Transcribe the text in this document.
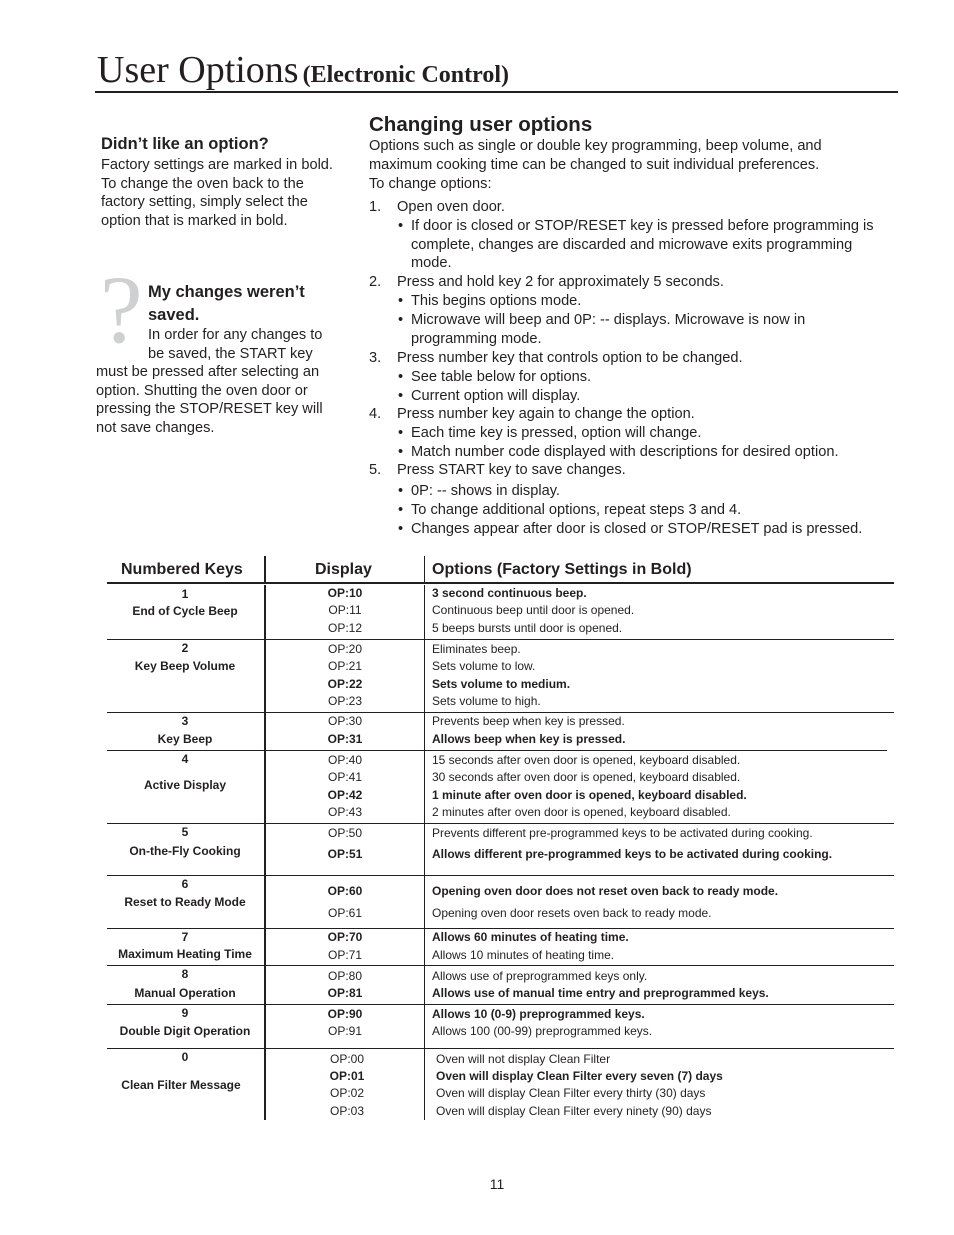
User Options (Electronic Control)
Didn’t like an option?
Factory settings are marked in bold.
To change the oven back to the
factory setting, simply select the
option that is marked in bold.
? My changes weren’t
saved.
In order for any changes to
be saved, the START key
must be pressed after selecting an
option. Shutting the oven door or
pressing the STOP/RESET key will
not save changes.
Changing user options
Options such as single or double key programming, beep volume, and
maximum cooking time can be changed to suit individual preferences.
To change options:
1. Open oven door.
• If door is closed or STOP/RESET key is pressed before programming is
complete, changes are discarded and microwave exits programming
mode.
2. Press and hold key 2 for approximately 5 seconds.
• This begins options mode.
• Microwave will beep and 0P: -- displays. Microwave is now in
programming mode.
3. Press number key that controls option to be changed.
• See table below for options.
• Current option will display.
4. Press number key again to change the option.
• Each time key is pressed, option will change.
• Match number code displayed with descriptions for desired option.
5. Press START key to save changes.
• 0P: -- shows in display.
• To change additional options, repeat steps 3 and 4.
• Changes appear after door is closed or STOP/RESET pad is pressed.
Numbered Keys	Display	Options (Factory Settings in Bold)
1
End of Cycle Beep
OP:10	3 second continuous beep.
OP:11	Continuous beep until door is opened.
OP:12	5 beeps bursts until door is opened.
2
Key Beep Volume
OP:20	Eliminates beep.
OP:21	Sets volume to low.
OP:22	Sets volume to medium.
OP:23	Sets volume to high.
3
Key Beep
OP:30	Prevents beep when key is pressed.
OP:31	Allows beep when key is pressed.
4
Active Display
OP:40	15 seconds after oven door is opened, keyboard disabled.
OP:41	30 seconds after oven door is opened, keyboard disabled.
OP:42	1 minute after oven door is opened, keyboard disabled.
OP:43	2 minutes after oven door is opened, keyboard disabled.
5
On-the-Fly Cooking
OP:50	Prevents different pre-programmed keys to be activated during cooking.
OP:51	Allows different pre-programmed keys to be activated during cooking.
6
Reset to Ready Mode
OP:60	Opening oven door does not reset oven back to ready mode.
OP:61	Opening oven door resets oven back to ready mode.
7
Maximum Heating Time
OP:70	Allows 60 minutes of heating time.
OP:71	Allows 10 minutes of heating time.
8
Manual Operation
OP:80	Allows use of preprogrammed keys only.
OP:81	Allows use of manual time entry and preprogrammed keys.
9
Double Digit Operation
OP:90	Allows 10 (0-9) preprogrammed keys.
OP:91	Allows 100 (00-99) preprogrammed keys.
0
Clean Filter Message
OP:00	Oven will not display Clean Filter
OP:01	Oven will display Clean Filter every seven (7) days
OP:02	Oven will display Clean Filter every thirty (30) days
OP:03	Oven will display Clean Filter every ninety (90) days
11
